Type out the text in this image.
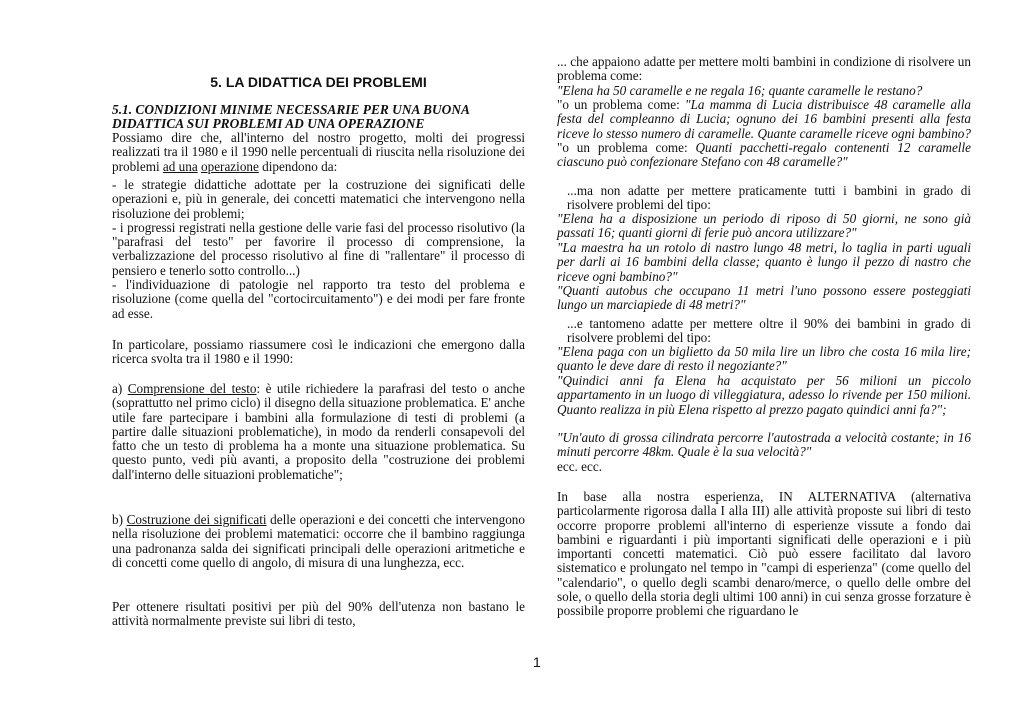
5. LA DIDATTICA DEI PROBLEMI
5.1. CONDIZIONI MINIME NECESSARIE PER UNA BUONA
DIDATTICA SUI PROBLEMI AD UNA OPERAZIONE
Possiamo dire che, all'interno del nostro progetto, molti dei progressi realizzati tra il 1980 e il 1990 nelle percentuali di riuscita nella risoluzione dei problemi ad una operazione dipendono da:

- le strategie didattiche adottate per la costruzione dei significati delle operazioni e, più in generale, dei concetti matematici che intervengono nella risoluzione dei problemi;

- i progressi registrati nella gestione delle varie fasi del processo risolutivo (la "parafrasi del testo" per favorire il processo di comprensione, la verbalizzazione del processo risolutivo al fine di "rallentare" il processo di pensiero e tenerlo sotto controllo...)

- l'individuazione di patologie nel rapporto tra testo del problema e risoluzione (come quella del "cortocircuitamento") e dei modi per fare fronte ad esse.

In particolare, possiamo riassumere così le indicazioni che emergono dalla ricerca svolta tra il 1980 e il 1990:
a) Comprensione del testo: è utile richiedere la parafrasi del testo o anche (soprattutto nel primo ciclo) il disegno della situazione problematica. E' anche utile fare partecipare i bambini alla formulazione di testi di problemi (a partire dalle situazioni problematiche), in modo da renderli consapevoli del fatto che un testo di problema ha a monte una situazione problematica. Su questo punto, vedi più avanti, a proposito della "costruzione dei problemi dall'interno delle situazioni problematiche";
b) Costruzione dei significati delle operazioni e dei concetti che intervengono nella risoluzione dei problemi matematici: occorre che il bambino raggiunga una padronanza salda dei significati principali delle operazioni aritmetiche e di concetti come quello di angolo, di misura di una lunghezza, ecc.
Per ottenere risultati positivi per più del 90% dell'utenza non bastano le attività normalmente previste sui libri di testo,
... che appaiono adatte per mettere molti bambini in condizione di risolvere un problema come:
"Elena ha 50 caramelle e ne regala 16; quante caramelle le restano?
"o un problema come: "La mamma di Lucia distribuisce 48 caramelle alla festa del compleanno di Lucia; ognuno dei 16 bambini presenti alla festa riceve lo stesso numero di caramelle. Quante caramelle riceve ogni bambino? "o un problema come: Quanti pacchetti-regalo contenenti 12 caramelle ciascuno può confezionare Stefano con 48 caramelle?"
...ma non adatte per mettere praticamente tutti i bambini in grado di risolvere problemi del tipo:
"Elena ha a disposizione un periodo di riposo di 50 giorni, ne sono già passati 16; quanti giorni di ferie può ancora utilizzare?"
"La maestra ha un rotolo di nastro lungo 48 metri, lo taglia in parti uguali per darli ai 16 bambini della classe; quanto è lungo il pezzo di nastro che riceve ogni bambino?"
"Quanti autobus che occupano 11 metri l'uno possono essere posteggiati lungo un marciapiede di 48 metri?"
...e tantomeno adatte per mettere oltre il 90% dei bambini in grado di risolvere problemi del tipo:
"Elena paga con un biglietto da 50 mila lire un libro che costa 16 mila lire; quanto le deve dare di resto il negoziante?"
"Quindici anni fa Elena ha acquistato per 56 milioni un piccolo appartamento in un luogo di villeggiatura, adesso lo rivende per 150 milioni. Quanto realizza in più Elena rispetto al prezzo pagato quindici anni fa?";
"Un'auto di grossa cilindrata percorre l'autostrada a velocità costante; in 16 minuti percorre 48km. Quale è la sua velocità?"
ecc. ecc.
In base alla nostra esperienza, IN ALTERNATIVA (alternativa particolarmente rigorosa dalla I alla III) alle attività proposte sui libri di testo occorre proporre problemi all'interno di esperienze vissute a fondo dai bambini e riguardanti i più importanti significati delle operazioni e i più importanti concetti matematici. Ciò può essere facilitato dal lavoro sistematico e prolungato nel tempo in "campi di esperienza" (come quello del "calendario", o quello degli scambi denaro/merce, o quello delle ombre del sole, o quello della storia degli ultimi 100 anni) in cui senza grosse forzature è possibile proporre problemi che riguardano le
1
